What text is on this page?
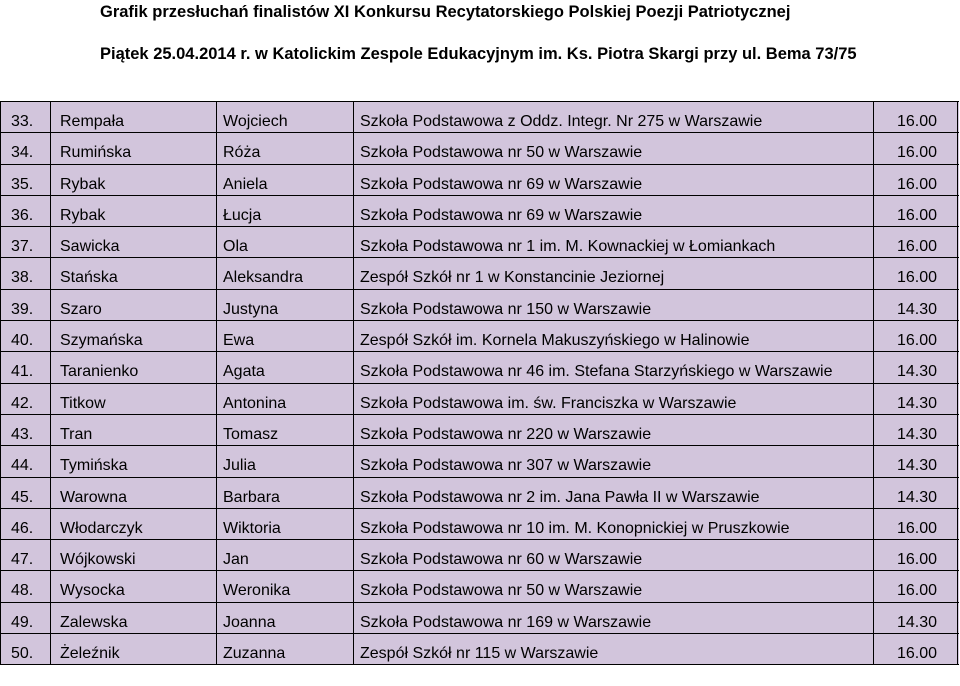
Grafik przesłuchań finalistów XI Konkursu Recytatorskiego Polskiej Poezji Patriotycznej
Piątek 25.04.2014 r. w Katolickim Zespole Edukacyjnym im. Ks. Piotra Skargi przy ul. Bema 73/75
33.	Rempała	Wojciech	Szkoła Podstawowa z Oddz. Integr. Nr 275 w Warszawie	16.00
34.	Rumińska	Róża	Szkoła Podstawowa nr 50 w Warszawie	16.00
35.	Rybak	Aniela	Szkoła Podstawowa nr 69 w Warszawie	16.00
36.	Rybak	Łucja	Szkoła Podstawowa nr 69 w Warszawie	16.00
37.	Sawicka	Ola	Szkoła Podstawowa nr 1 im. M. Kownackiej w Łomiankach	16.00
38.	Stańska	Aleksandra	Zespół Szkół nr 1 w Konstancinie Jeziornej	16.00
39.	Szaro	Justyna	Szkoła Podstawowa nr 150 w Warszawie	14.30
40.	Szymańska	Ewa	Zespół Szkół im. Kornela Makuszyńskiego w Halinowie	16.00
41.	Taranienko	Agata	Szkoła Podstawowa nr 46 im. Stefana Starzyńskiego w Warszawie	14.30
42.	Titkow	Antonina	Szkoła Podstawowa im. św. Franciszka w Warszawie	14.30
43.	Tran	Tomasz	Szkoła Podstawowa nr 220 w Warszawie	14.30
44.	Tymińska	Julia	Szkoła Podstawowa nr 307 w Warszawie	14.30
45.	Warowna	Barbara	Szkoła Podstawowa nr 2 im. Jana Pawła II w Warszawie	14.30
46.	Włodarczyk	Wiktoria	Szkoła Podstawowa nr 10 im. M. Konopnickiej w Pruszkowie	16.00
47.	Wójkowski	Jan	Szkoła Podstawowa nr 60 w Warszawie	16.00
48.	Wysocka	Weronika	Szkoła Podstawowa nr 50 w Warszawie	16.00
49.	Zalewska	Joanna	Szkoła Podstawowa nr 169 w Warszawie	14.30
50.	Żeleźnik	Zuzanna	Zespół Szkół nr 115 w Warszawie	16.00
